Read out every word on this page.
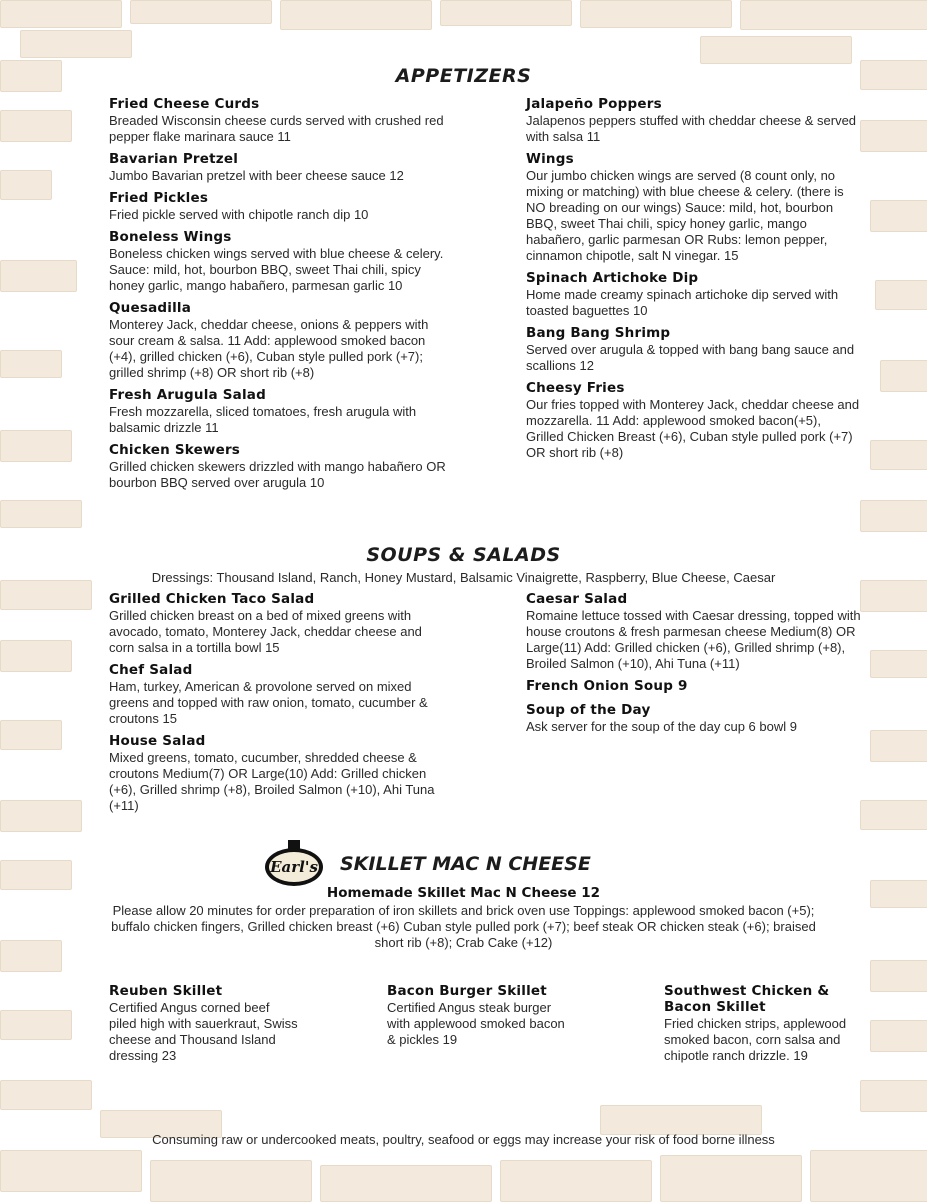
APPETIZERS
Fried Cheese Curds
Breaded Wisconsin cheese curds served with crushed red pepper flake marinara sauce 11
Bavarian Pretzel
Jumbo Bavarian pretzel with beer cheese sauce 12
Fried Pickles
Fried pickle served with chipotle ranch dip 10
Boneless Wings
Boneless chicken wings served with blue cheese & celery. Sauce: mild, hot, bourbon BBQ, sweet Thai chili, spicy honey garlic, mango habañero, parmesan garlic 10
Quesadilla
Monterey Jack, cheddar cheese, onions & peppers with sour cream & salsa. 11 Add: applewood smoked bacon (+4), grilled chicken (+6), Cuban style pulled pork (+7); grilled shrimp (+8) OR short rib (+8)
Fresh Arugula Salad
Fresh mozzarella, sliced tomatoes, fresh arugula with balsamic drizzle 11
Chicken Skewers
Grilled chicken skewers drizzled with mango habañero OR bourbon BBQ served over arugula 10
Jalapeño Poppers
Jalapenos peppers stuffed with cheddar cheese & served with salsa 11
Wings
Our jumbo chicken wings are served (8 count only, no mixing or matching) with blue cheese & celery. (there is NO breading on our wings) Sauce: mild, hot, bourbon BBQ, sweet Thai chili, spicy honey garlic, mango habañero, garlic parmesan OR Rubs: lemon pepper, cinnamon chipotle, salt N vinegar. 15
Spinach Artichoke Dip
Home made creamy spinach artichoke dip served with toasted baguettes 10
Bang Bang Shrimp
Served over arugula & topped with bang bang sauce and scallions 12
Cheesy Fries
Our fries topped with Monterey Jack, cheddar cheese and mozzarella. 11 Add: applewood smoked bacon(+5), Grilled Chicken Breast (+6), Cuban style pulled pork (+7) OR short rib (+8)
SOUPS & SALADS
Dressings: Thousand Island, Ranch, Honey Mustard, Balsamic Vinaigrette, Raspberry, Blue Cheese, Caesar
Grilled Chicken Taco Salad
Grilled chicken breast on a bed of mixed greens with avocado, tomato, Monterey Jack, cheddar cheese and corn salsa in a tortilla bowl 15
Chef Salad
Ham, turkey, American & provolone served on mixed greens and topped with raw onion, tomato, cucumber & croutons 15
House Salad
Mixed greens, tomato, cucumber, shredded cheese & croutons Medium(7) OR Large(10) Add: Grilled chicken (+6), Grilled shrimp (+8), Broiled Salmon (+10), Ahi Tuna (+11)
Caesar Salad
Romaine lettuce tossed with Caesar dressing, topped with house croutons & fresh parmesan cheese Medium(8) OR Large(11) Add: Grilled chicken (+6), Grilled shrimp (+8), Broiled Salmon (+10), Ahi Tuna (+11)
French Onion Soup 9
Soup of the Day
Ask server for the soup of the day cup 6 bowl 9
Earl's SKILLET MAC N CHEESE
Homemade Skillet Mac N Cheese 12
Please allow 20 minutes for order preparation of iron skillets and brick oven use Toppings: applewood smoked bacon (+5);
buffalo chicken fingers, Grilled chicken breast (+6) Cuban style pulled pork (+7); beef steak OR chicken steak (+6); braised
short rib (+8); Crab Cake (+12)
Reuben Skillet
Certified Angus corned beef piled high with sauerkraut, Swiss cheese and Thousand Island dressing 23
Bacon Burger Skillet
Certified Angus steak burger with applewood smoked bacon & pickles 19
Southwest Chicken & Bacon Skillet
Fried chicken strips, applewood smoked bacon, corn salsa and chipotle ranch drizzle. 19
Consuming raw or undercooked meats, poultry, seafood or eggs may increase your risk of food borne illness
